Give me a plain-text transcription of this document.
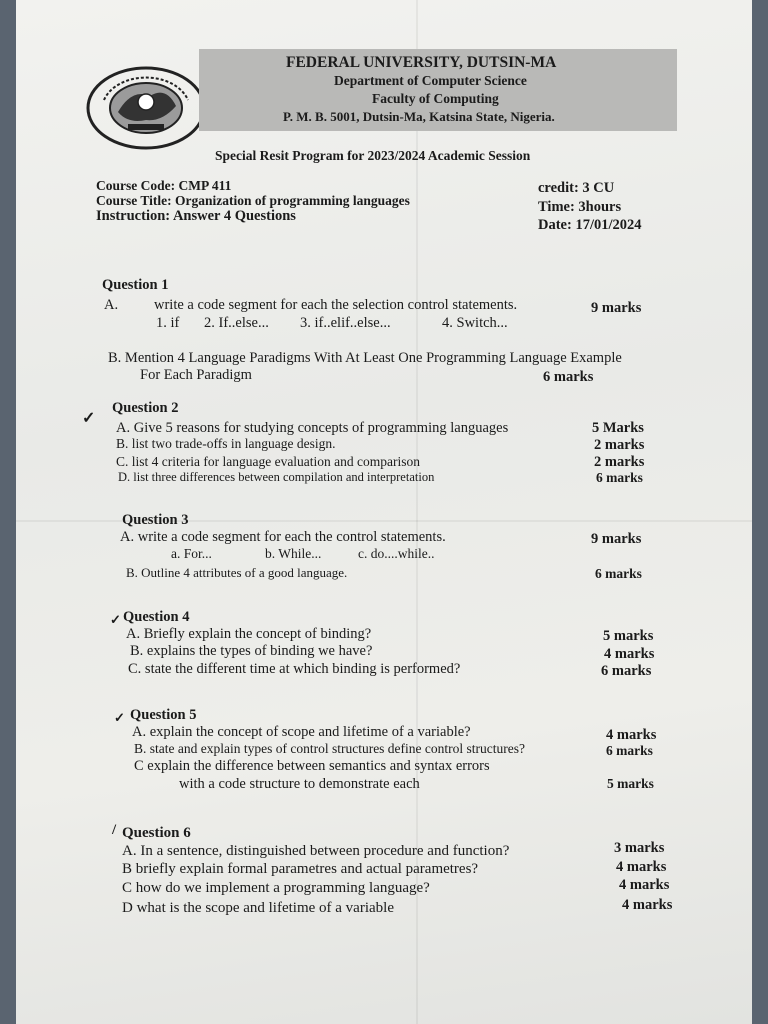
FEDERAL UNIVERSITY, DUTSIN-MA
Department of Computer Science
Faculty of Computing
P. M. B. 5001, Dutsin-Ma, Katsina State, Nigeria.
Special Resit Program for 2023/2024 Academic Session
Course Code: CMP 411
Course Title: Organization of programming languages
Instruction: Answer 4 Questions
credit: 3 CU
Time: 3hours
Date: 17/01/2024
Question 1
A. write a code segment for each the selection control statements.	9 marks
1. if 2. If..else... 3. if..elif..else...	4. Switch...
B. Mention 4 Language Paradigms With At Least One Programming Language Example
For Each Paradigm	6 marks
✓
Question 2
A. Give 5 reasons for studying concepts of programming languages	5 Marks
B. list two trade-offs in language design.	2 marks
C. list 4 criteria for language evaluation and comparison	2 marks
D. list three differences between compilation and interpretation	6 marks
Question 3
A. write a code segment for each the control statements.	9 marks
a. For...	b. While...	c. do....while..
B. Outline 4 attributes of a good language.	6 marks
✓ Question 4
A. Briefly explain the concept of binding?	5 marks
B. explains the types of binding we have?	4 marks
C. state the different time at which binding is performed?	6 marks
✓ Question 5
A. explain the concept of scope and lifetime of a variable?	4 marks
B. state and explain types of control structures define control structures?	6 marks
C explain the difference between semantics and syntax errors
with a code structure to demonstrate each	5 marks
/ Question 6
A. In a sentence, distinguished between procedure and function?	3 marks
B briefly explain formal parametres and actual parametres?	4 marks
C how do we implement a programming language?	4 marks
D what is the scope and lifetime of a variable	4 marks
